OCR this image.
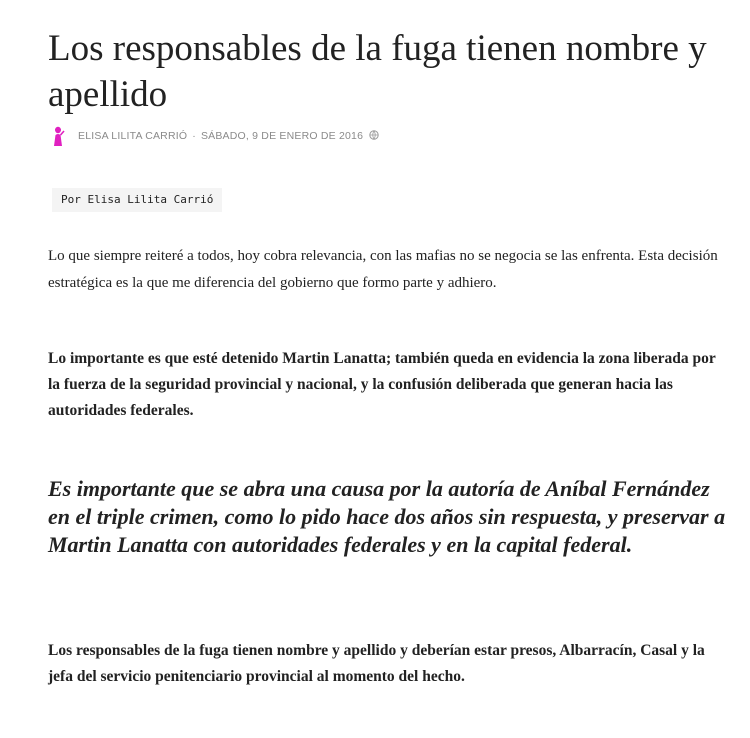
Los responsables de la fuga tienen nombre y apellido
ELISA LILITA CARRIÓ · SÁBADO, 9 DE ENERO DE 2016
Por Elisa Lilita Carrió

Lo que siempre reiteré a todos, hoy cobra relevancia, con las mafias no se negocia se las enfrenta. Esta decisión estratégica es la que me diferencia del gobierno que formo parte y adhiero.

Lo importante es que esté detenido Martin Lanatta; también queda en evidencia la zona liberada por la fuerza de la seguridad provincial y nacional, y la confusión deliberada que generan hacia las autoridades federales.

Es importante que se abra una causa por la autoría de Aníbal Fernández en el triple crimen, como lo pido hace dos años sin respuesta, y preservar a Martin Lanatta con autoridades federales y en la capital federal.

Los responsables de la fuga tienen nombre y apellido y deberían estar presos, Albarracín, Casal y la jefa del servicio penitenciario provincial al momento del hecho.
